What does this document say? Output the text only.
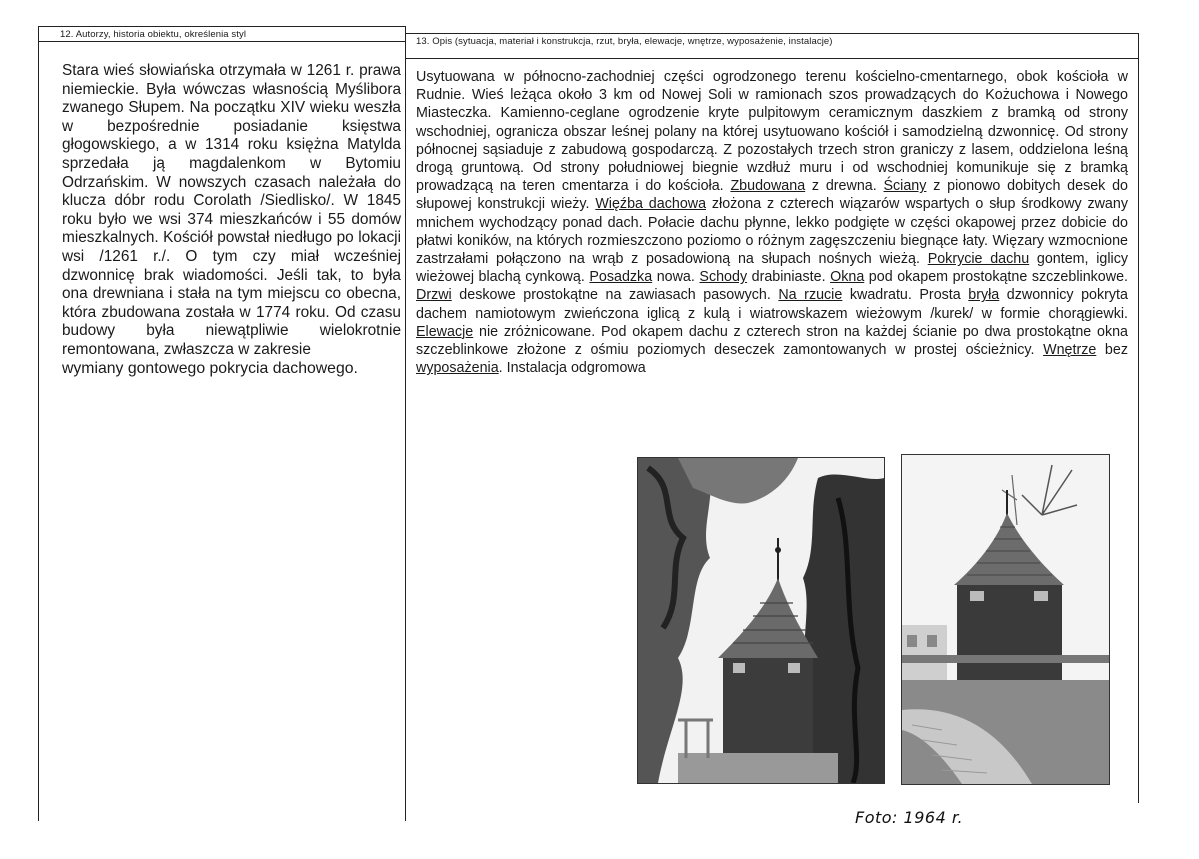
12. Autorzy, historia obiektu, określenia styl
13. Opis (sytuacja, materiał i konstrukcja, rzut, bryła, elewacje, wnętrze, wyposażenie, instalacje)

Stara wieś słowiańska otrzymała w 1261 r. prawa niemieckie. Była wówczas własnością Myślibora zwanego Słupem. Na początku XIV wieku weszła w bezpośrednie posiadanie księstwa głogowskiego, a w 1314 roku księżna Matylda sprzedała ją magdalenkom w Bytomiu Odrzańskim. W nowszych czasach należała do klucza dóbr rodu Corolath /Siedlisko/. W 1845 roku było we wsi 374 mieszkańców i 55 domów mieszkalnych. Kościół powstał niedługo po lokacji wsi /1261 r./. O tym czy miał wcześniej dzwonnicę brak wiadomości. Jeśli tak, to była ona drewniana i stała na tym miejscu co obecna, która zbudowana została w 1774 roku. Od czasu budowy była niewątpliwie wielokrotnie remontowana, zwłaszcza w zakresie

wymiany gontowego pokrycia dachowego.

Usytuowana w północno-zachodniej części ogrodzonego terenu kościelno-cmentarnego, obok kościoła w Rudnie. Wieś leżąca około 3 km od Nowej Soli w ramionach szos prowadzących do Kożuchowa i Nowego Miasteczka. Kamienno-ceglane ogrodzenie kryte pulpitowym ceramicznym daszkiem z bramką od strony wschodniej, ogranicza obszar leśnej polany na której usytuowano kościół i samodzielną dzwonnicę. Od strony północnej sąsiaduje z zabudową gospodarczą. Z pozostałych trzech stron graniczy z lasem, oddzielona leśną drogą gruntową. Od strony południowej biegnie wzdłuż muru i od wschodniej komunikuje się z bramką prowadzącą na teren cmentarza i do kościoła. Zbudowana z drewna. Ściany z pionowo dobitych desek do słupowej konstrukcji wieży. Więźba dachowa złożona z czterech wiązarów wspartych o słup środkowy zwany mnichem wychodzący ponad dach. Połacie dachu płynne, lekko podgięte w części okapowej przez dobicie do płatwi koników, na których rozmieszczono poziomo o różnym zagęszczeniu biegnące łaty. Więzary wzmocnione zastrzałami połączono na wrąb z posadowioną na słupach nośnych wieżą. Pokrycie dachu gontem, iglicy wieżowej blachą cynkową. Posadzka nowa. Schody drabiniaste. Okna pod okapem prostokątne szczeblinkowe. Drzwi deskowe prostokątne na zawiasach pasowych. Na rzucie kwadratu. Prosta bryła dzwonnicy pokryta dachem namiotowym zwieńczona iglicą z kulą i wiatrowskazem wieżowym /kurek/ w formie chorągiewki. Elewacje nie zróżnicowane. Pod okapem dachu z czterech stron na każdej ścianie po dwa prostokątne okna szczeblinkowe złożone z ośmiu poziomych deseczek zamontowanych w prostej ościeżnicy. Wnętrze bez wyposażenia. Instalacja odgromowa

Foto: 1964 r.
